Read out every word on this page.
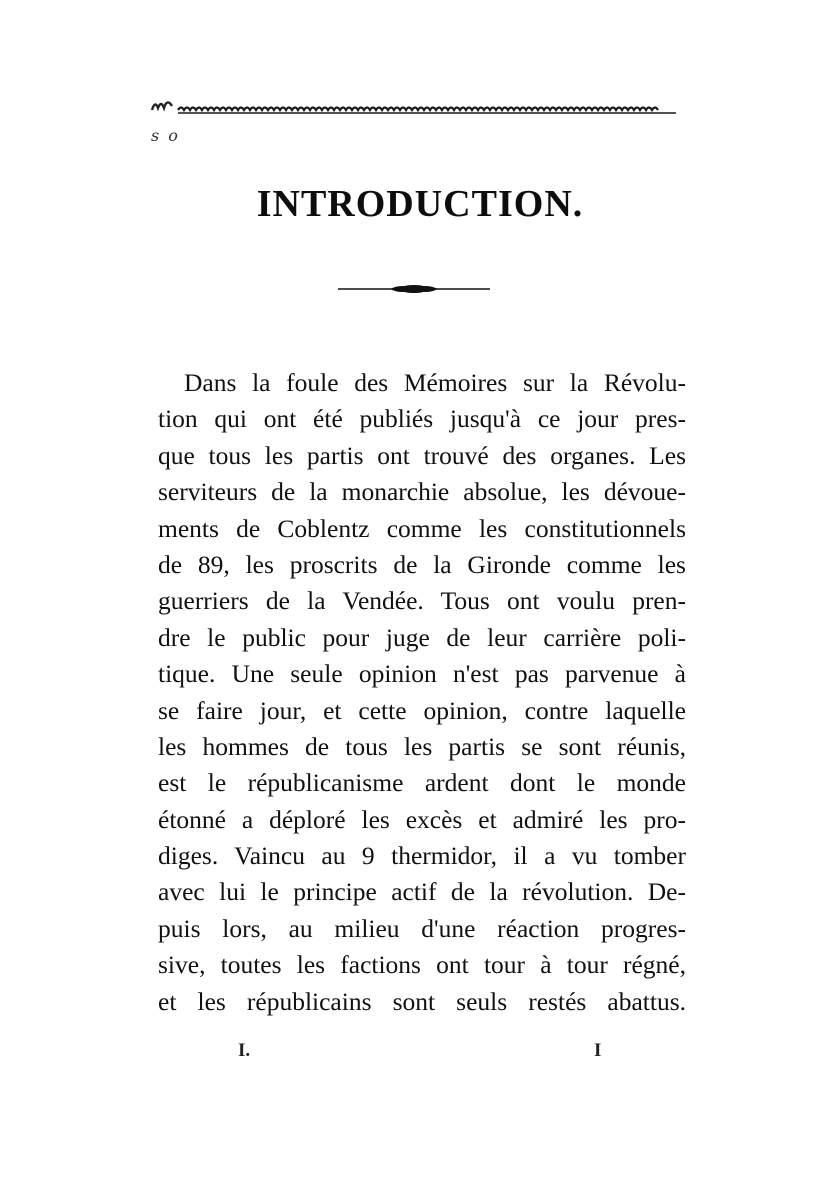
s o
INTRODUCTION.
Dans la foule des Mémoires sur la Révolu-
tion qui ont été publiés jusqu'à ce jour pres-
que tous les partis ont trouvé des organes. Les
serviteurs de la monarchie absolue, les dévoue-
ments de Coblentz comme les constitutionnels
de 89, les proscrits de la Gironde comme les
guerriers de la Vendée. Tous ont voulu pren-
dre le public pour juge de leur carrière poli-
tique. Une seule opinion n'est pas parvenue à
se faire jour, et cette opinion, contre laquelle
les hommes de tous les partis se sont réunis,
est le républicanisme ardent dont le monde
étonné a déploré les excès et admiré les pro-
diges. Vaincu au 9 thermidor, il a vu tomber
avec lui le principe actif de la révolution. De-
puis lors, au milieu d'une réaction progres-
sive, toutes les factions ont tour à tour régné,
et les républicains sont seuls restés abattus.
I.	I
